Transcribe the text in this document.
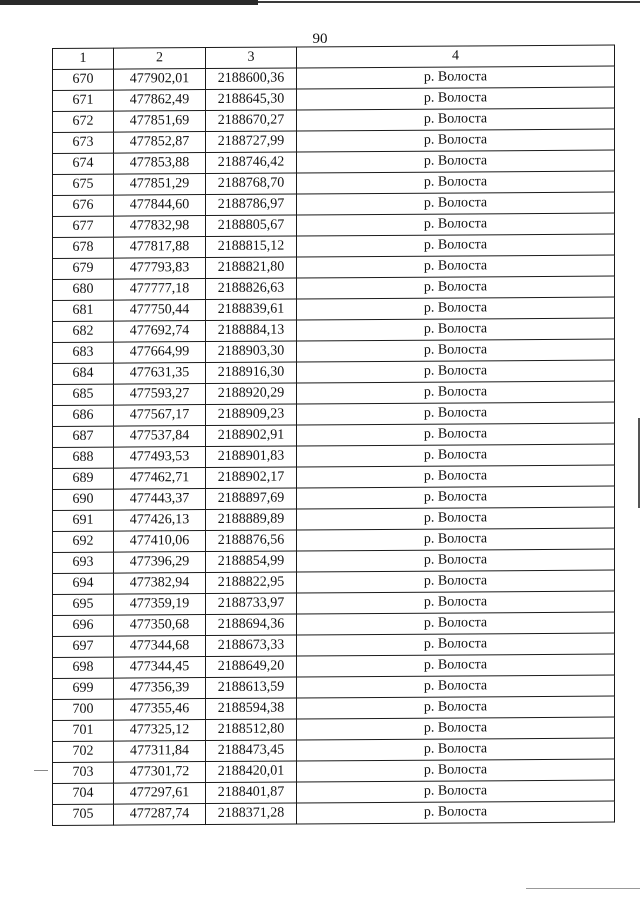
90
1	2	3	4
670	477902,01	2188600,36	р. Волоста
671	477862,49	2188645,30	р. Волоста
672	477851,69	2188670,27	р. Волоста
673	477852,87	2188727,99	р. Волоста
674	477853,88	2188746,42	р. Волоста
675	477851,29	2188768,70	р. Волоста
676	477844,60	2188786,97	р. Волоста
677	477832,98	2188805,67	р. Волоста
678	477817,88	2188815,12	р. Волоста
679	477793,83	2188821,80	р. Волоста
680	477777,18	2188826,63	р. Волоста
681	477750,44	2188839,61	р. Волоста
682	477692,74	2188884,13	р. Волоста
683	477664,99	2188903,30	р. Волоста
684	477631,35	2188916,30	р. Волоста
685	477593,27	2188920,29	р. Волоста
686	477567,17	2188909,23	р. Волоста
687	477537,84	2188902,91	р. Волоста
688	477493,53	2188901,83	р. Волоста
689	477462,71	2188902,17	р. Волоста
690	477443,37	2188897,69	р. Волоста
691	477426,13	2188889,89	р. Волоста
692	477410,06	2188876,56	р. Волоста
693	477396,29	2188854,99	р. Волоста
694	477382,94	2188822,95	р. Волоста
695	477359,19	2188733,97	р. Волоста
696	477350,68	2188694,36	р. Волоста
697	477344,68	2188673,33	р. Волоста
698	477344,45	2188649,20	р. Волоста
699	477356,39	2188613,59	р. Волоста
700	477355,46	2188594,38	р. Волоста
701	477325,12	2188512,80	р. Волоста
702	477311,84	2188473,45	р. Волоста
703	477301,72	2188420,01	р. Волоста
704	477297,61	2188401,87	р. Волоста
705	477287,74	2188371,28	р. Волоста
